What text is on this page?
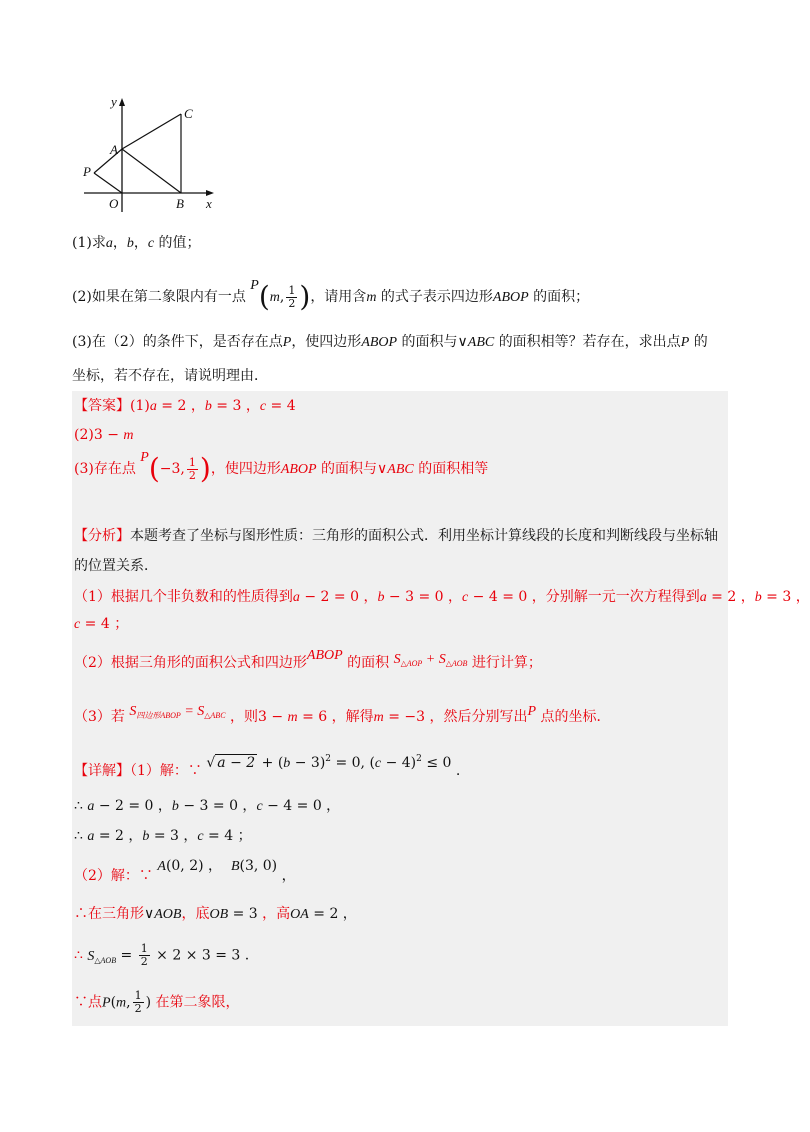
y
x
O
A
B
C
P
(1)求a，b，c 的值；
(2)如果在第二象限内有一点 P(m, $\frac{1}{2}$ )，请用含m 的式子表示四边形ABOP 的面积；
(3)在（2）的条件下，是否存在点P，使四边形ABOP 的面积与∨ABC 的面积相等？若存在，求出点P 的
坐标，若不存在，请说明理由．
【答案】(1)a = 2 ，b = 3 ，c = 4
(2)3 − m
(3)存在点 P(−3, $\frac{1}{2}$ )，使四边形ABOP 的面积与∨ABC 的面积相等
【分析】本题考查了坐标与图形性质：三角形的面积公式．利用坐标计算线段的长度和判断线段与坐标轴
的位置关系．
（1）根据几个非负数和的性质得到a − 2 = 0 ，b − 3 = 0 ，c − 4 = 0 ，分别解一元一次方程得到a = 2 ，b = 3 ，
c = 4 ；
（2）根据三角形的面积公式和四边形ABOP 的面积 $S_{\triangle AOP} + S_{\triangle AOB}$ 进行计算；
（3）若 $S_{四边形ABOP} = S_{\triangle ABC}$ ，则3 − m = 6 ，解得m = −3 ，然后分别写出P 点的坐标．
【详解】（1）解：∵ √ $a - 2 + (b - 3)^2 = 0$, $(c - 4)^2 \le 0$ .
∴ a − 2 = 0 ，b − 3 = 0 ，c − 4 = 0 ，
∴ a = 2 ，b = 3 ，c = 4 ；
（2）解：∵ A(0, 2) ，  B(3, 0) ，
∴在三角形∨AOB，底OB = 3 ，高OA = 2 ，
∴ $S_{\triangle AOB} = \frac{1}{2} \times 2 \times 3 = 3$ .
∵点P(m, $\frac{1}{2}$ ) 在第二象限，
